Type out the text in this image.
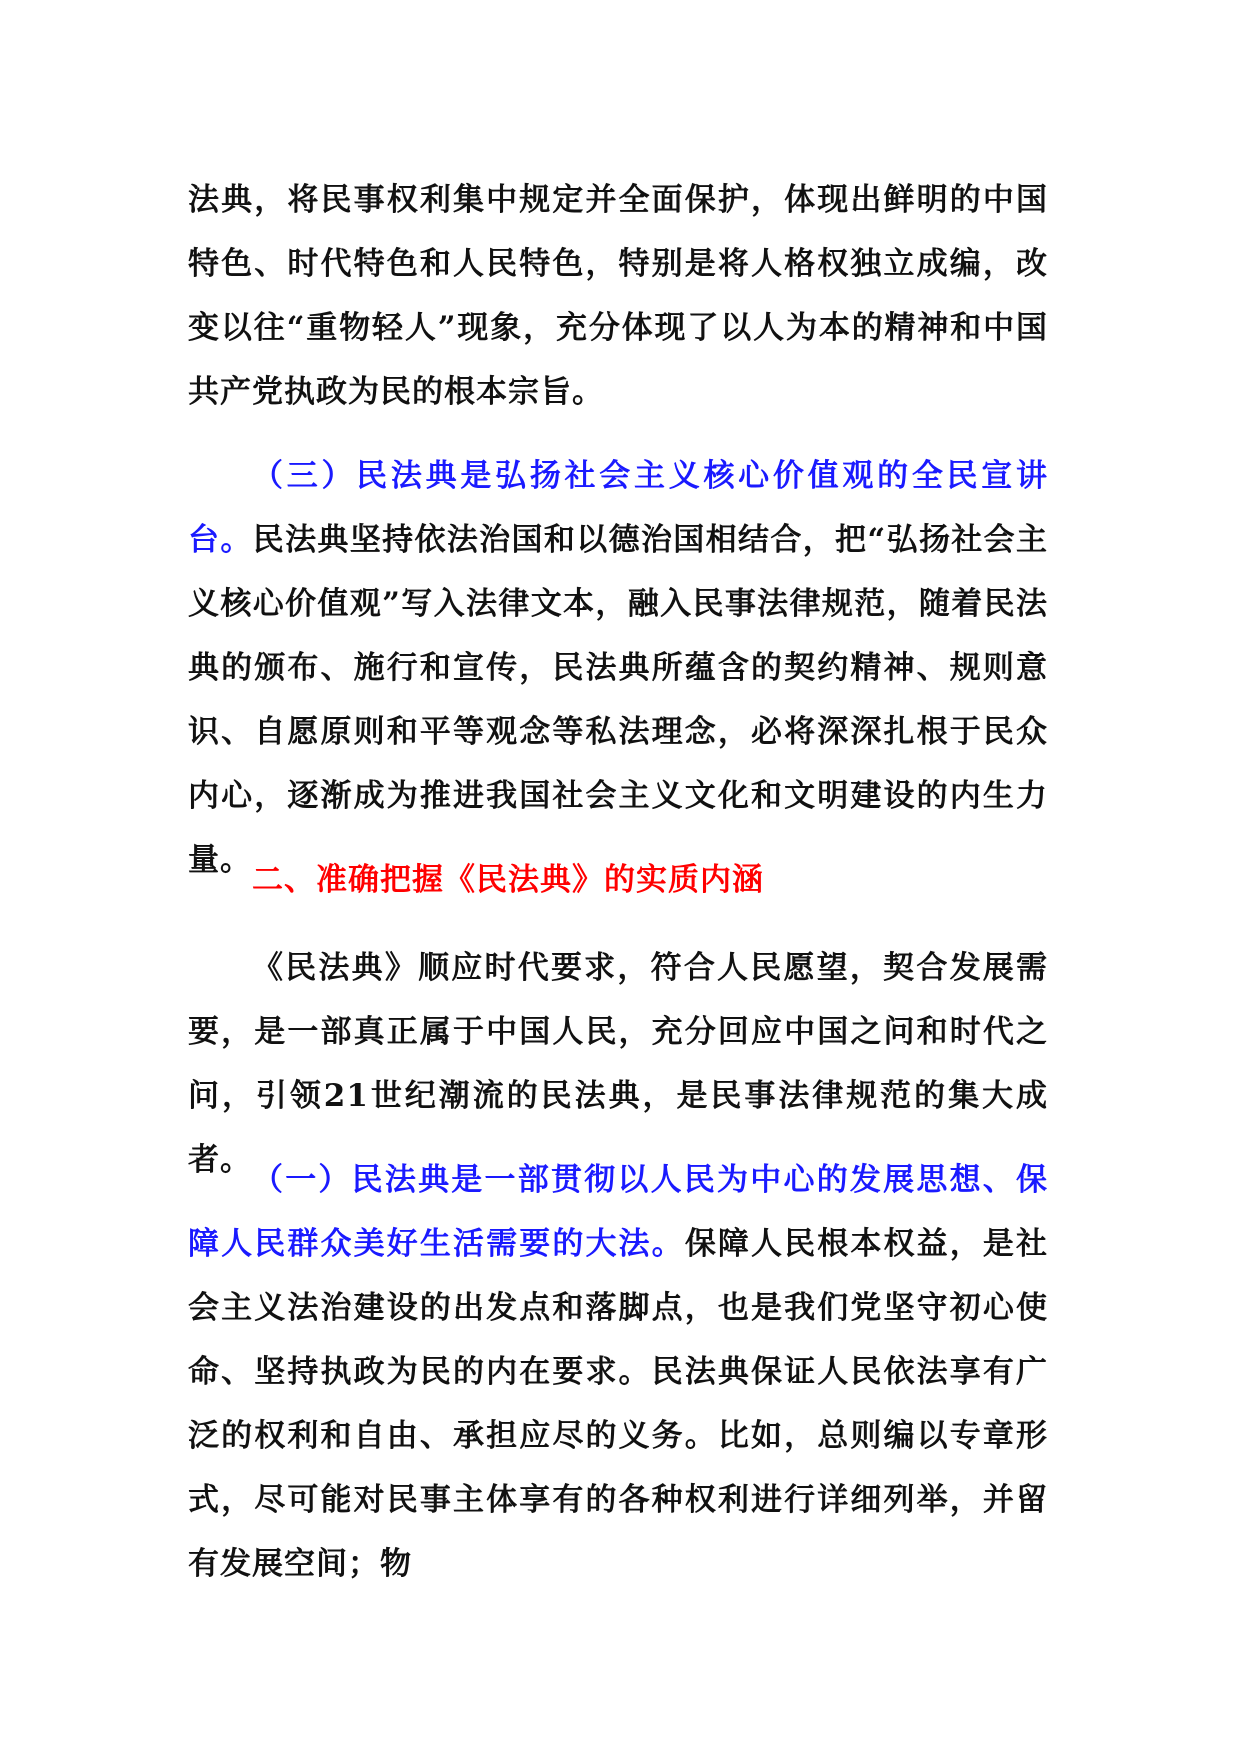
法典，将民事权利集中规定并全面保护，体现出鲜明的中国特色、时代特色和人民特色，特别是将人格权独立成编，改变以往“重物轻人”现象，充分体现了以人为本的精神和中国共产党执政为民的根本宗旨。

（三）民法典是弘扬社会主义核心价值观的全民宣讲台。民法典坚持依法治国和以德治国相结合，把“弘扬社会主义核心价值观”写入法律文本，融入民事法律规范，随着民法典的颁布、施行和宣传，民法典所蕴含的契约精神、规则意识、自愿原则和平等观念等私法理念，必将深深扎根于民众内心，逐渐成为推进我国社会主义文化和文明建设的内生力量。

二、准确把握《民法典》的实质内涵

《民法典》顺应时代要求，符合人民愿望，契合发展需要，是一部真正属于中国人民，充分回应中国之问和时代之问，引领21世纪潮流的民法典，是民事法律规范的集大成者。

（一）民法典是一部贯彻以人民为中心的发展思想、保障人民群众美好生活需要的大法。保障人民根本权益，是社会主义法治建设的出发点和落脚点，也是我们党坚守初心使命、坚持执政为民的内在要求。民法典保证人民依法享有广泛的权利和自由、承担应尽的义务。比如，总则编以专章形式，尽可能对民事主体享有的各种权利进行详细列举，并留有发展空间；物
